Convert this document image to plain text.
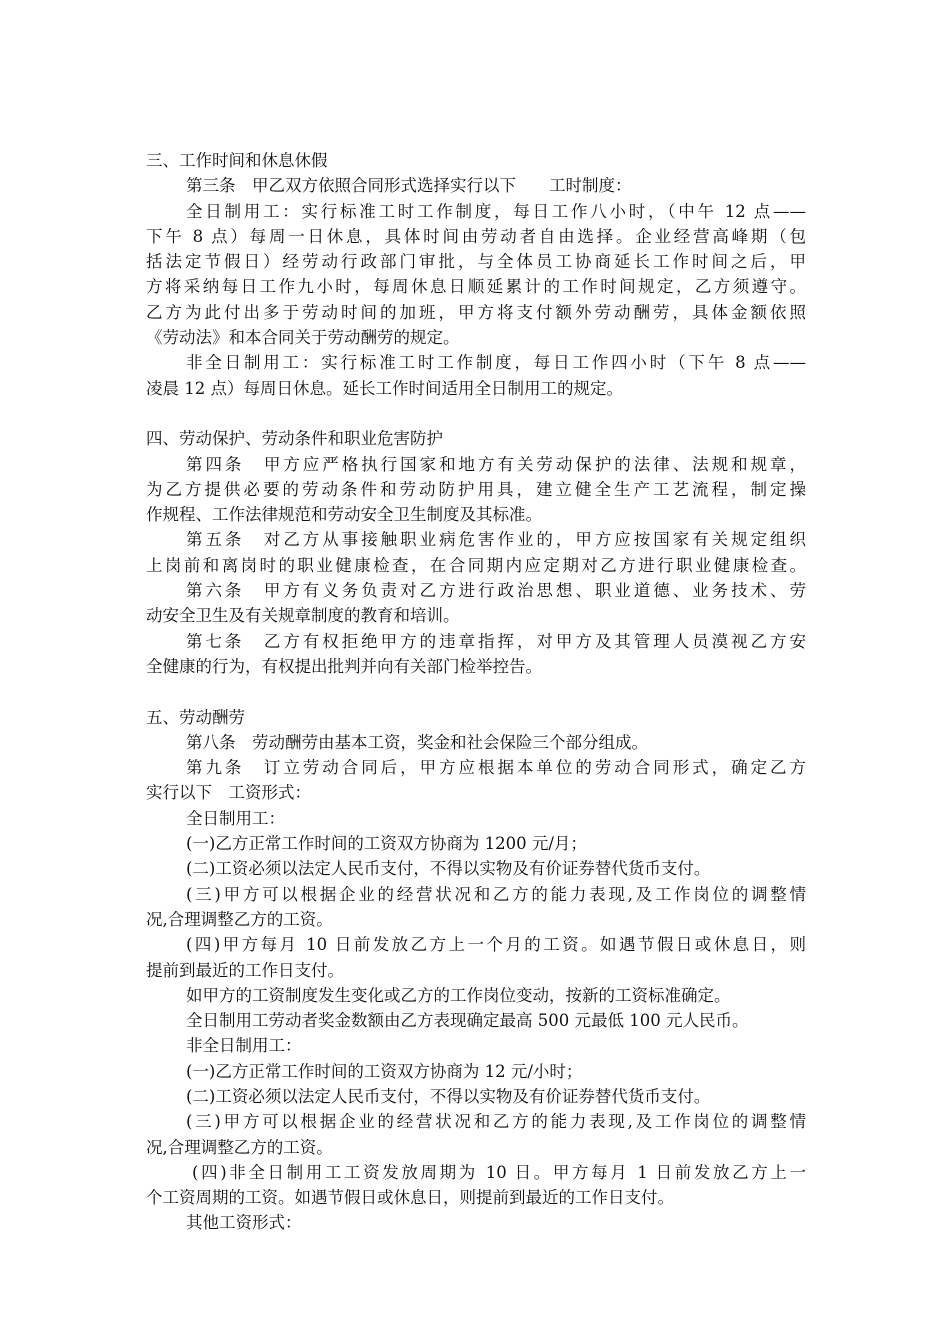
三、工作时间和休息休假
第三条　甲乙双方依照合同形式选择实行以下　　工时制度：
全日制用工：实行标准工时工作制度，每日工作八小时，（中午 12 点——
下午 8 点）每周一日休息，具体时间由劳动者自由选择。企业经营高峰期（包
括法定节假日）经劳动行政部门审批，与全体员工协商延长工作时间之后，甲
方将采纳每日工作九小时，每周休息日顺延累计的工作时间规定，乙方须遵守。
乙方为此付出多于劳动时间的加班，甲方将支付额外劳动酬劳，具体金额依照
《劳动法》和本合同关于劳动酬劳的规定。
非全日制用工：实行标准工时工作制度，每日工作四小时（下午 8 点——
凌晨 12 点）每周日休息。延长工作时间适用全日制用工的规定。
四、劳动保护、劳动条件和职业危害防护
第四条　甲方应严格执行国家和地方有关劳动保护的法律、法规和规章，
为乙方提供必要的劳动条件和劳动防护用具，建立健全生产工艺流程，制定操
作规程、工作法律规范和劳动安全卫生制度及其标准。
第五条　对乙方从事接触职业病危害作业的，甲方应按国家有关规定组织
上岗前和离岗时的职业健康检查，在合同期内应定期对乙方进行职业健康检查。
第六条　甲方有义务负责对乙方进行政治思想、职业道德、业务技术、劳
动安全卫生及有关规章制度的教育和培训。
第七条　乙方有权拒绝甲方的违章指挥，对甲方及其管理人员漠视乙方安
全健康的行为，有权提出批判并向有关部门检举控告。
五、劳动酬劳
第八条　劳动酬劳由基本工资，奖金和社会保险三个部分组成。
第九条　订立劳动合同后，甲方应根据本单位的劳动合同形式，确定乙方
实行以下　工资形式：
全日制用工：
(一)乙方正常工作时间的工资双方协商为 1200 元/月；
(二)工资必须以法定人民币支付，不得以实物及有价证券替代货币支付。
(三)甲方可以根据企业的经营状况和乙方的能力表现,及工作岗位的调整情
况,合理调整乙方的工资。
(四)甲方每月 10 日前发放乙方上一个月的工资。如遇节假日或休息日，则
提前到最近的工作日支付。
如甲方的工资制度发生变化或乙方的工作岗位变动，按新的工资标准确定。
全日制用工劳动者奖金数额由乙方表现确定最高 500 元最低 100 元人民币。
非全日制用工：
(一)乙方正常工作时间的工资双方协商为 12 元/小时；
(二)工资必须以法定人民币支付，不得以实物及有价证券替代货币支付。
(三)甲方可以根据企业的经营状况和乙方的能力表现,及工作岗位的调整情
况,合理调整乙方的工资。
(四)非全日制用工工资发放周期为 10 日。甲方每月 1 日前发放乙方上一
个工资周期的工资。如遇节假日或休息日，则提前到最近的工作日支付。
其他工资形式：
